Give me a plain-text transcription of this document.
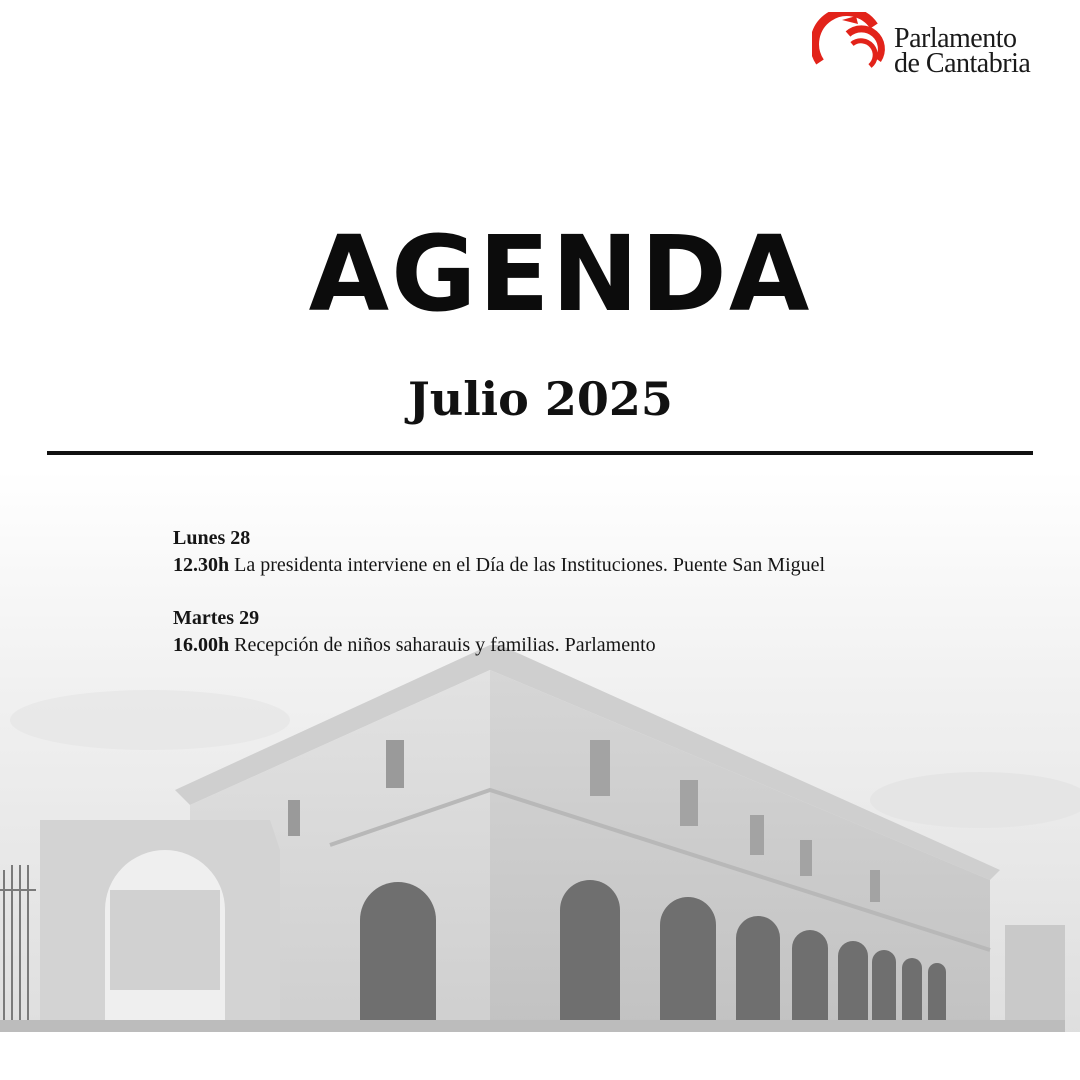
Parlamento
de Cantabria
AGENDA
Julio 2025
Lunes 28
12.30h La presidenta interviene en el Día de las Instituciones. Puente San Miguel
Martes 29
16.00h Recepción de niños saharauis y familias. Parlamento
